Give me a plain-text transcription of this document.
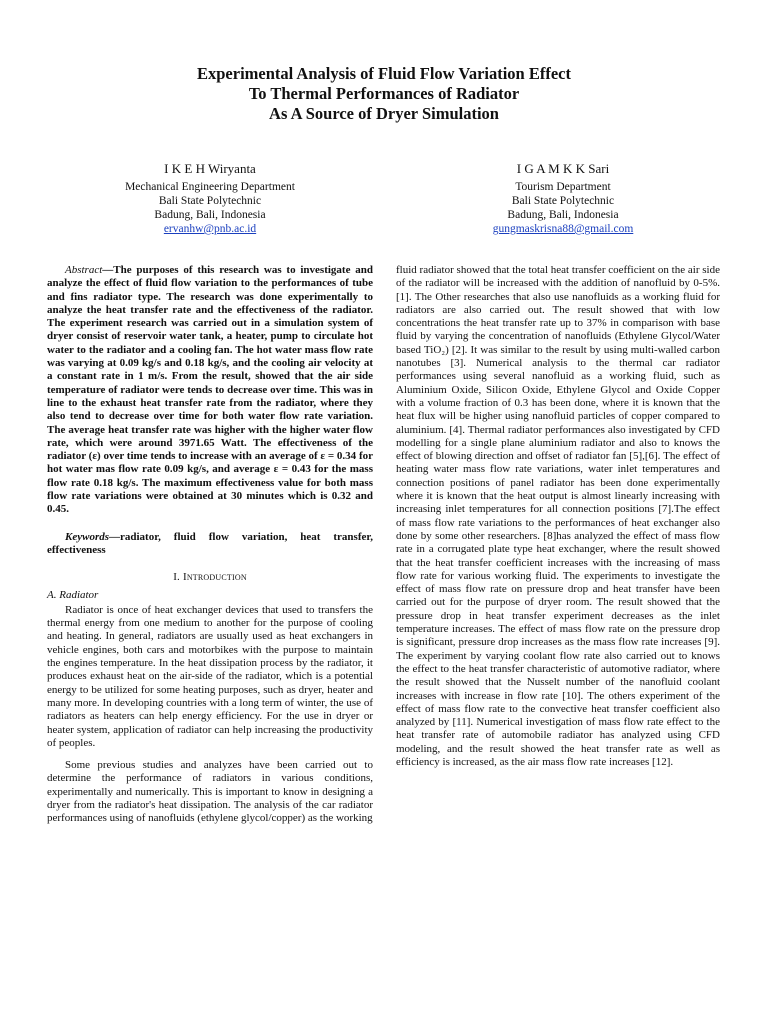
Experimental Analysis of Fluid Flow Variation Effect
To Thermal Performances of Radiator
As A Source of Dryer Simulation
I K E H Wiryanta
Mechanical Engineering Department
Bali State Polytechnic
Badung, Bali, Indonesia
ervanhw@pnb.ac.id
I G A M K K Sari
Tourism Department
Bali State Polytechnic
Badung, Bali, Indonesia
gungmaskrisna88@gmail.com

Abstract—The purposes of this research was to investigate and analyze the effect of fluid flow variation to the performances of tube and fins radiator type. The research was done experimentally to analyze the heat transfer rate and the effectiveness of the radiator. The experiment research was carried out in a simulation system of dryer consist of reservoir water tank, a heater, pump to circulate hot water to the radiator and a cooling fan. The hot water mass flow rate was varying at 0.09 kg/s and 0.18 kg/s, and the cooling air velocity at a constant rate in 1 m/s. From the result, showed that the air side temperature of radiator were tends to decrease over time. This was in line to the exhaust heat transfer rate from the radiator, where they also tend to decrease over time for both water flow rate variation. The average heat transfer rate was higher with the higher water flow rate, which were around 3971.65 Watt. The effectiveness of the radiator (ε) over time tends to increase with an average of ε = 0.34 for hot water mas flow rate 0.09 kg/s, and average ε = 0.43 for the mass flow rate 0.18 kg/s. The maximum effectiveness value for both mass flow rate variations were obtained at 30 minutes which is 0.32 and 0.45.

Keywords—radiator, fluid flow variation, heat transfer, effectiveness

I. Introduction
A. Radiator

Radiator is once of heat exchanger devices that used to transfers the thermal energy from one medium to another for the purpose of cooling and heating. In general, radiators are usually used as heat exchangers in vehicle engines, both cars and motorbikes with the purpose to maintain the engines temperature. In the heat dissipation process by the radiator, it produces exhaust heat on the air-side of the radiator, which is a potential energy to be utilized for some heating purposes, such as dryer, heater and many more. In developing countries with a long term of winter, the use of radiators as heaters can help energy efficiency. For the use in dryer or heater system, application of radiator can help increasing the productivity of peoples.

Some previous studies and analyzes have been carried out to determine the performance of radiators in various conditions, experimentally and numerically. This is important to know in designing a dryer from the radiator's heat dissipation. The analysis of the car radiator performances using of nanofluids (ethylene glycol/copper) as the working

fluid radiator showed that the total heat transfer coefficient on the air side of the radiator will be increased with the addition of nanofluid by 0-5%. [1]. The Other researches that also use nanofluids as a working fluid for radiators are also carried out. The result showed that with low concentrations the heat transfer rate up to 37% in comparison with base fluid by varying the concentration of nanofluids (Ethylene Glycol/Water based TiO₂) [2]. It was similar to the result by using multi-walled carbon nanotubes [3]. Numerical analysis to the thermal car radiator performances using several nanofluid as a working fluid, such as Aluminium Oxide, Silicon Oxide, Ethylene Glycol and Oxide Copper with a volume fraction of 0.3 has been done, where it is known that the heat flux will be higher using nanofluid particles of copper compared to aluminium. [4]. Thermal radiator performances also investigated by CFD modelling for a single plane aluminium radiator and also to knows the effect of blowing direction and offset of radiator fan [5],[6]. The effect of heating water mass flow rate variations, water inlet temperatures and connection positions of panel radiator has been done experimentally where it is known that the heat output is almost linearly increasing with increasing inlet temperatures for all connection positions [7].The effect of mass flow rate variations to the performances of heat exchanger also done by some other researchers. [8]has analyzed the effect of mass flow rate in a corrugated plate type heat exchanger, where the result showed that the heat transfer coefficient increases with the increasing of mass flow rate for various working fluid. The experiments to investigate the effect of mass flow rate on pressure drop and heat transfer have been carried out for the purpose of dryer room. The result showed that the pressure drop in heat transfer experiment decreases as the inlet temperature increases. The effect of mass flow rate on the pressure drop is significant, pressure drop increases as the mass flow rate increases [9]. The experiment by varying coolant flow rate also carried out to knows the effect to the heat transfer characteristic of automotive radiator, where the result showed that the Nusselt number of the nanofluid coolant increases with increase in flow rate [10]. The others experiment of the effect of mass flow rate to the convective heat transfer coefficient also analyzed by [11]. Numerical investigation of mass flow rate effect to the heat transfer rate of automobile radiator has analyzed using CFD modeling, and the result showed the heat transfer rate as well as efficiency is increased, as the air mass flow rate increases [12].
